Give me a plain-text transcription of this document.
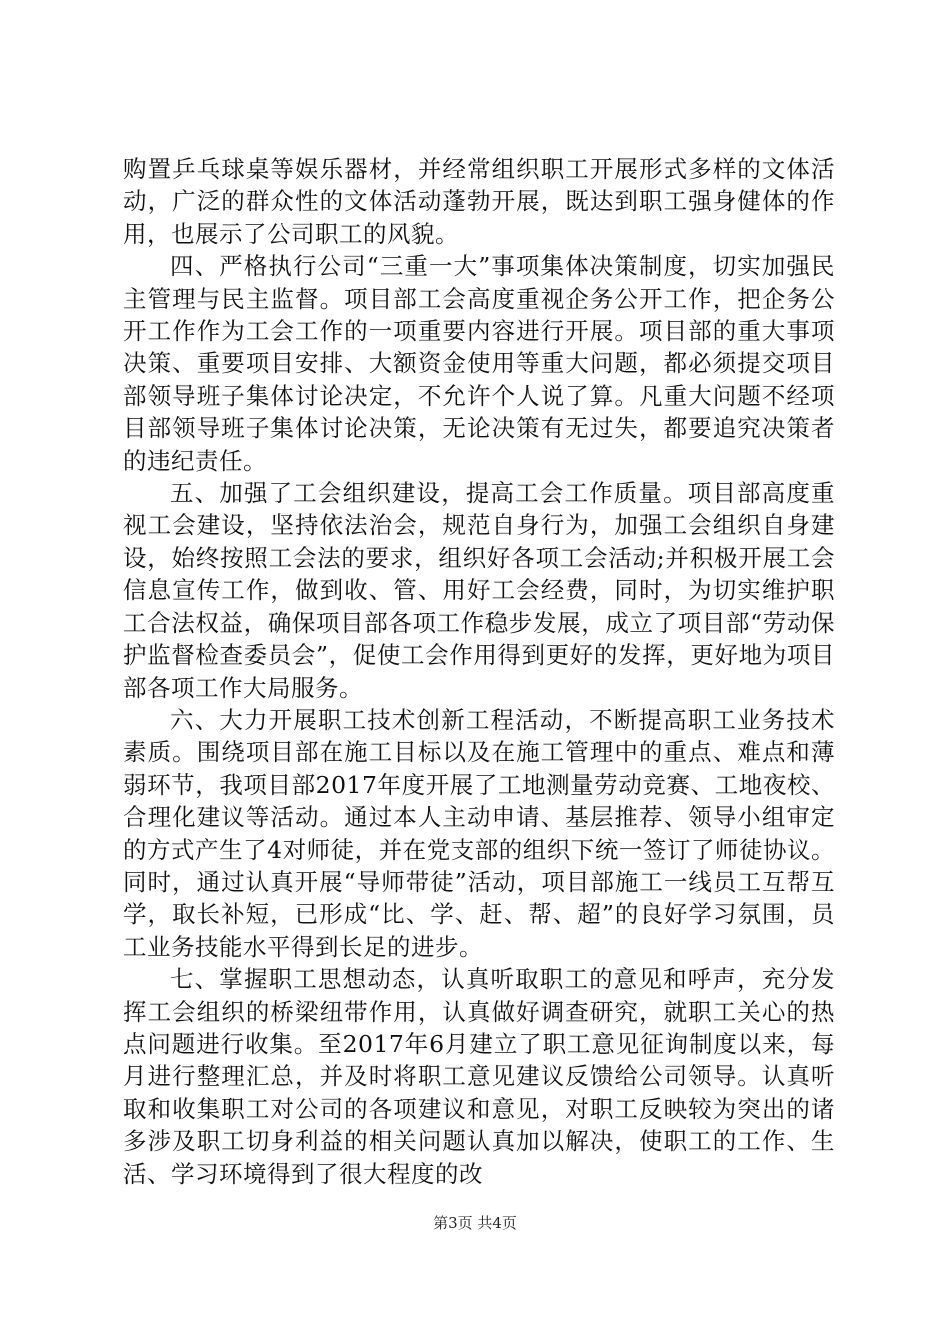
购置乒乓球桌等娱乐器材，并经常组织职工开展形式多样的文体活动，广泛的群众性的文体活动蓬勃开展，既达到职工强身健体的作用，也展示了公司职工的风貌。

四、严格执行公司“三重一大”事项集体决策制度，切实加强民主管理与民主监督。项目部工会高度重视企务公开工作，把企务公开工作作为工会工作的一项重要内容进行开展。项目部的重大事项决策、重要项目安排、大额资金使用等重大问题，都必须提交项目部领导班子集体讨论决定，不允许个人说了算。凡重大问题不经项目部领导班子集体讨论决策，无论决策有无过失，都要追究决策者的违纪责任。

五、加强了工会组织建设，提高工会工作质量。项目部高度重视工会建设，坚持依法治会，规范自身行为，加强工会组织自身建设，始终按照工会法的要求，组织好各项工会活动;并积极开展工会信息宣传工作，做到收、管、用好工会经费，同时，为切实维护职工合法权益，确保项目部各项工作稳步发展，成立了项目部“劳动保护监督检查委员会”，促使工会作用得到更好的发挥，更好地为项目部各项工作大局服务。

六、大力开展职工技术创新工程活动，不断提高职工业务技术素质。围绕项目部在施工目标以及在施工管理中的重点、难点和薄弱环节，我项目部2017年度开展了工地测量劳动竞赛、工地夜校、合理化建议等活动。通过本人主动申请、基层推荐、领导小组审定的方式产生了4对师徒，并在党支部的组织下统一签订了师徒协议。同时，通过认真开展“导师带徒”活动，项目部施工一线员工互帮互学，取长补短，已形成“比、学、赶、帮、超”的良好学习氛围，员工业务技能水平得到长足的进步。

七、掌握职工思想动态，认真听取职工的意见和呼声，充分发挥工会组织的桥梁纽带作用，认真做好调查研究，就职工关心的热点问题进行收集。至2017年6月建立了职工意见征询制度以来，每月进行整理汇总，并及时将职工意见建议反馈给公司领导。认真听取和收集职工对公司的各项建议和意见，对职工反映较为突出的诸多涉及职工切身利益的相关问题认真加以解决，使职工的工作、生活、学习环境得到了很大程度的改

第3页 共4页
